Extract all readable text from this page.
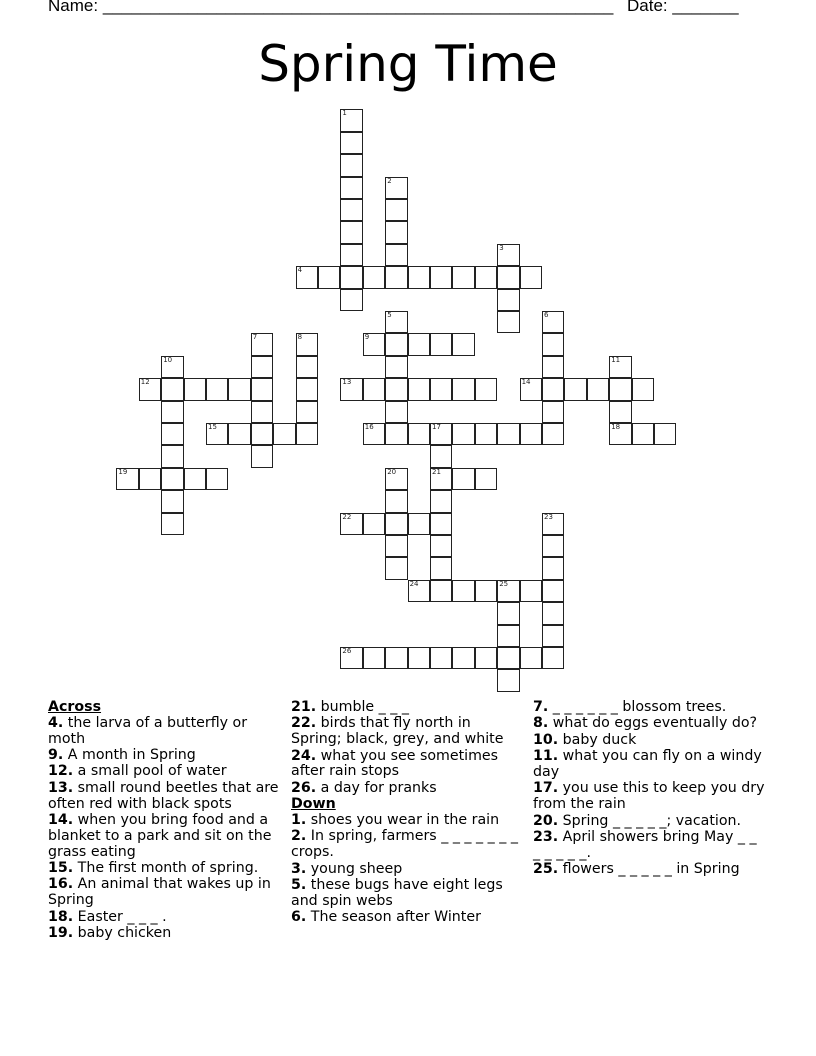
Name: ______________________________________________________ Date: _______
Spring Time
1
2
3
4
5	6
7	8	9
10	11
18
12	13	14
15	16	17
21
19	20
22	23
24	25
26

Across

4. the larva of a butterfly or moth

9. A month in Spring

12. a small pool of water

13. small round beetles that are often red with black spots

14. when you bring food and a blanket to a park and sit on the grass eating

15. The first month of spring.

16. An animal that wakes up in Spring

18. Easter _ _ _ .

19. baby chicken

21. bumble _ _ _

22. birds that fly north in Spring; black, grey, and white

24. what you see sometimes after rain stops

26. a day for pranks

Down

1. shoes you wear in the rain

2. In spring, farmers _ _ _ _ _ _ _ crops.

3. young sheep

5. these bugs have eight legs and spin webs

6. The season after Winter

7. _ _ _ _ _ _ blossom trees.

8. what do eggs eventually do?

10. baby duck

11. what you can fly on a windy day

17. you use this to keep you dry from the rain

20. Spring _ _ _ _ _; vacation.

23. April showers bring May _ _ _ _ _ _ _.

25. flowers _ _ _ _ _ in Spring
